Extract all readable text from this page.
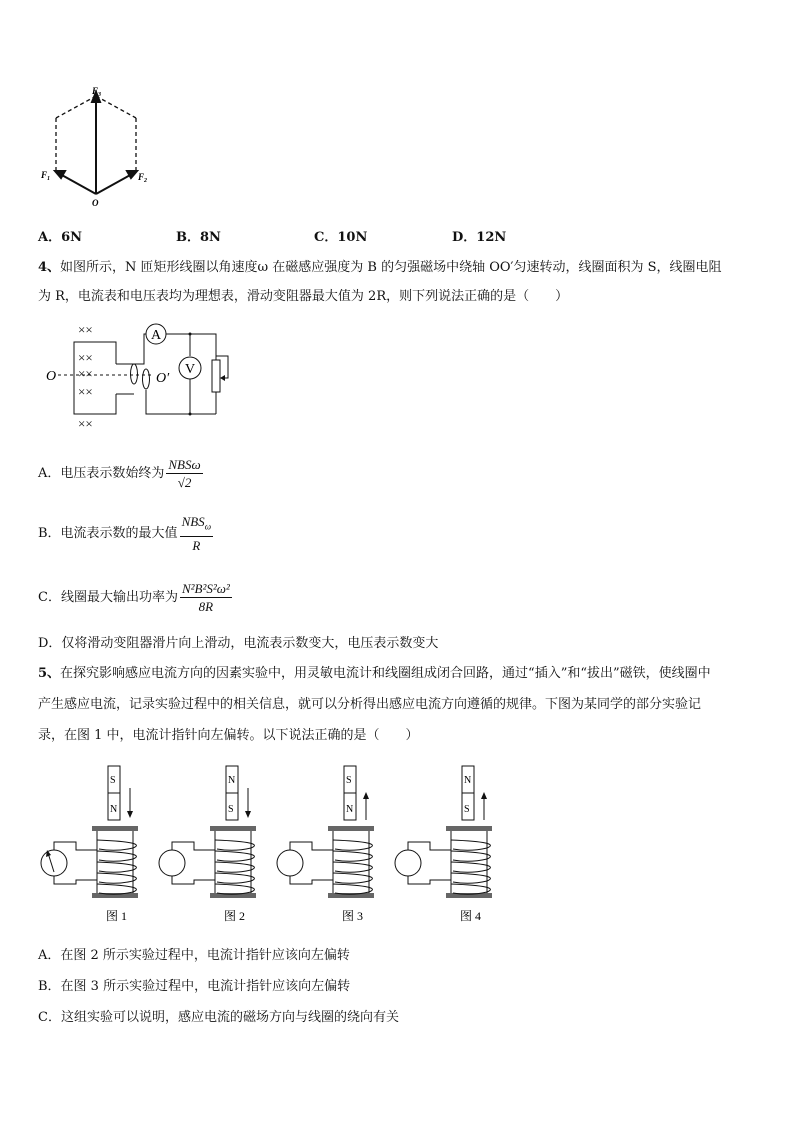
$F_3$
$F_1$	$F_2$
O
A．6N	B．8N	C．10N	D．12N
4、如图所示，N 匝矩形线圈以角速度ω 在磁感应强度为 B 的匀强磁场中绕轴 OO′匀速转动，线圈面积为 S，线圈电阻
为 R，电流表和电压表均为理想表，滑动变阻器最大值为 2R，则下列说法正确的是（　　）
××
××
××
××
××
A
V
O	O′
A．电压表示数始终为 $\frac{\text{NBSω}}{√2}$
B．电流表示数的最大值 $\frac{NBS_\omega}{R}$
C．线圈最大输出功率为 $\frac{\text{N²B²S²ω²}}{8R}$
D．仅将滑动变阻器滑片向上滑动，电流表示数变大，电压表示数变大
5、在探究影响感应电流方向的因素实验中，用灵敏电流计和线圈组成闭合回路，通过“插入”和“拔出”磁铁，使线圈中
产生感应电流，记录实验过程中的相关信息，就可以分析得出感应电流方向遵循的规律。下图为某同学的部分实验记
录，在图 1 中，电流计指针向左偏转。以下说法正确的是（　　）
S
N
图 1
N
S
图 2
S
N
图 3
N
S
图 4
A．在图 2 所示实验过程中，电流计指针应该向左偏转
B．在图 3 所示实验过程中，电流计指针应该向左偏转
C．这组实验可以说明，感应电流的磁场方向与线圈的绕向有关
